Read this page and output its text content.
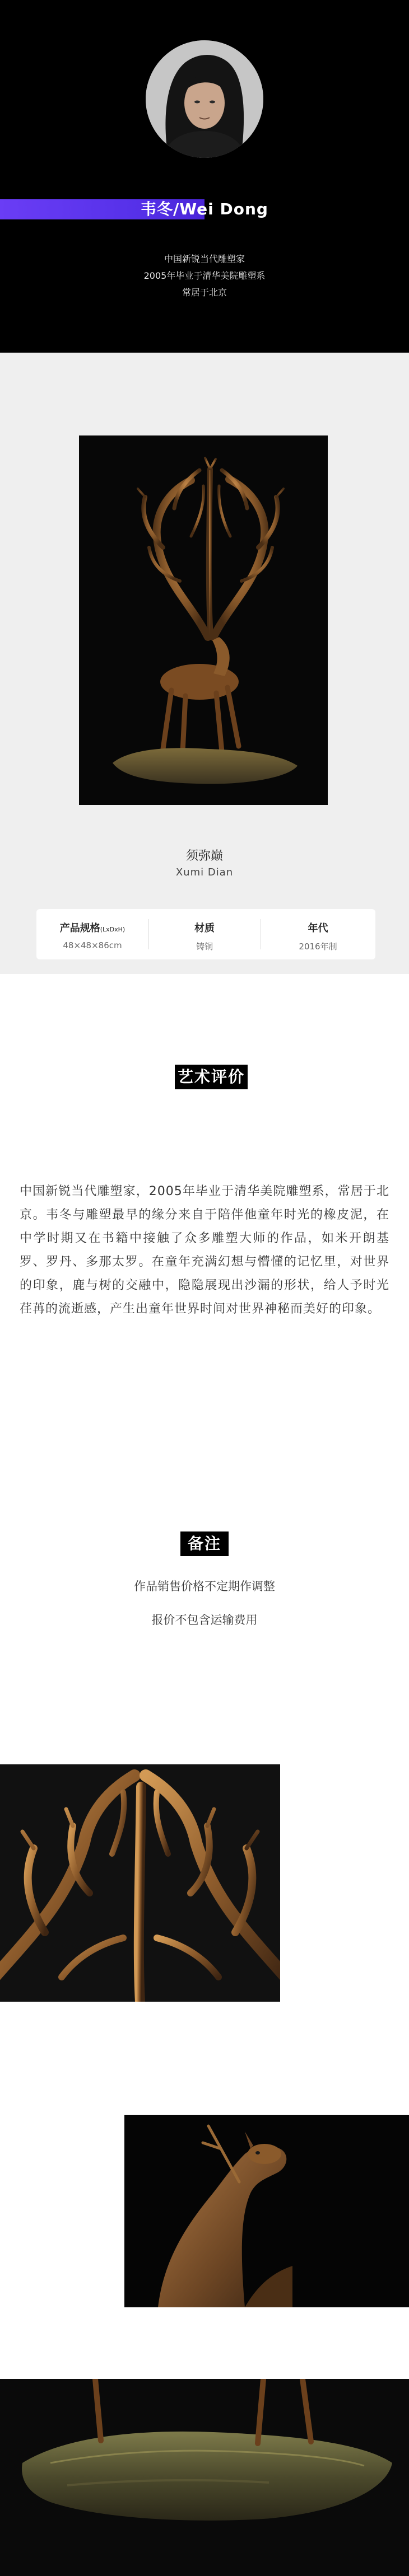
韦冬/Wei Dong
中国新锐当代雕塑家
2005年毕业于清华美院雕塑系
常居于北京
须弥巅
Xumi Dian
产品规格(LxDxH)
48×48×86cm
材质
铸铜
年代
2016年制
艺术评价
中国新锐当代雕塑家，2005年毕业于清华美院雕塑系，常居于北京。韦冬与雕塑最早的缘分来自于陪伴他童年时光的橡皮泥，在中学时期又在书籍中接触了众多雕塑大师的作品，如米开朗基罗、罗丹、多那太罗。在童年充满幻想与懵懂的记忆里，对世界的印象，鹿与树的交融中，隐隐展现出沙漏的形状，给人予时光荏苒的流逝感，产生出童年世界时间对世界神秘而美好的印象。
备注
作品销售价格不定期作调整
报价不包含运输费用
